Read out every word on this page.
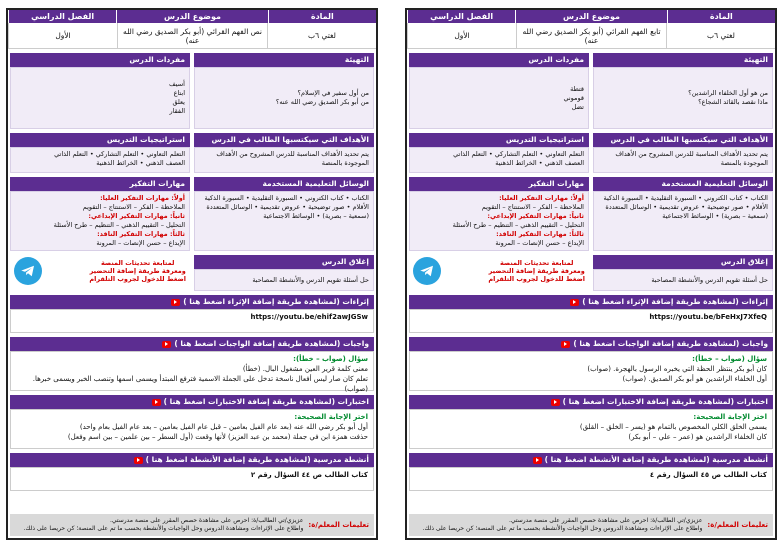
المادة
موضوع الدرس
الفصل الدراسي
لغتي ٦ب
تابع الفهم القرائي (أبو بكر الصديق رضي الله عنه)
الأول
التهيئة
من هو أول الخلفاء الراشدين؟
ماذا نقصد بالقائد الشجاع؟
مفردات الدرس
قتطة
قوموني
تضل
الأهداف التي سيكتسبها الطالب في الدرس
يتم تحديد الأهداف المناسبة للدرس المشروح من الأهداف الموجودة بالمنصة
استراتيجيات التدريس
التعلم التعاوني • التعلم التشاركي • التعلم الذاتي
العصف الذهني • الخرائط الذهنية
الوسائل التعليمية المستخدمة
الكتاب • كتاب الكتروني • السبورة التقليدية • السبورة الذكية
الأقلام • صور توضيحية • عروض تقديمية • الوسائل المتعددة
(سمعية – بصرية) • الوسائط الاجتماعية
إغلاق الدرس
حل أسئلة تقويم الدرس والأنشطة المصاحبة
مهارات التفكير
أولاً: مهارات التفكير العليا:
الملاحظة – الفكر – الاستنتاج – التقويم
ثانياً: مهارات التفكير الإبداعي:
التحليل – التقييم الذهني – التنظيم – طرح الأسئلة
ثالثاً: مهارات التفكير الناقد:
الإبداع – حسن الإنصات – المرونة
لمتابعة تحديثات المنصة
ومعرفة طريقة إضافة التحضير
اضغط للدخول لجروب التلقرام
إثراءات (لمشاهدة طريقة إضافة الإثراء اضغط هنا )
https://youtu.be/bFeHxJ7XfeQ
واجبات (لمشاهدة طريقة إضافة الواجبات اضغط هنا )
سؤال (صواب – خطأ):
كان أبو بكر ينتظر الحظة التي يخبره الرسول بالهجرة. (صواب)
أول الخلفاء الراشدين هو أبو بكر الصديق. (صواب)
اختبارات (لمشاهدة طريقة إضافة الاختبارات اضغط هنا )
اختر الإجابة الصحيحة:
يسمى الخلق الكلي المخصوص بالتمام هو (يسر – الخلق – القلق)
كان الخلفاء الراشدين هو (عمر – علي – أبو بكر)
أنشطة مدرسية (لمشاهدة طريقة إضافة الأنشطة اضغط هنا )
كتاب الطالب ص ٤٥ السؤال رقم ٤
تعليمات المعلم/ة:
عزيزي/تي الطالب/ة: احرص على مشاهدة حصص المقرر على منصة مدرستي.
واطلاع على الإثراءات ومشاهدة الدروس وحل الواجبات والأنشطة بحسب ما تم على المنصة؛ كن حريصا على ذلك.
المادة
موضوع الدرس
الفصل الدراسي
لغتي ٦ب
نص الفهم القرائي (أبو بكر الصديق رضي الله عنه)
الأول
التهيئة
من أول سفير في الإسلام؟
من أبو بكر الصديق رضي الله عنه؟
مفردات الدرس
أسيف
ابتاع
يعلق
الفقار
الأهداف التي سيكتسبها الطالب في الدرس
يتم تحديد الأهداف المناسبة للدرس المشروح من الأهداف الموجودة بالمنصة
استراتيجيات التدريس
التعلم التعاوني • التعلم التشاركي • التعلم الذاتي
العصف الذهني • الخرائط الذهنية
الوسائل التعليمية المستخدمة
الكتاب • كتاب الكتروني • السبورة التقليدية • السبورة الذكية
الأقلام • صور توضيحية • عروض تقديمية • الوسائل المتعددة
(سمعية – بصرية) • الوسائط الاجتماعية
إغلاق الدرس
حل أسئلة تقويم الدرس والأنشطة المصاحبة
مهارات التفكير
أولاً: مهارات التفكير العليا:
الملاحظة – الفكر – الاستنتاج – التقويم
ثانياً: مهارات التفكير الإبداعي:
التحليل – التقييم الذهني – التنظيم – طرح الأسئلة
ثالثاً: مهارات التفكير الناقد:
الإبداع – حسن الإنصات – المرونة
لمتابعة تحديثات المنصة
ومعرفة طريقة إضافة التحضير
اضغط للدخول لجروب التلقرام
إثراءات (لمشاهدة طريقة إضافة الإثراء اضغط هنا )
https://youtu.be/ehif2awJGSw
واجبات (لمشاهدة طريقة إضافة الواجبات اضغط هنا )
سؤال (صواب – خطأ):
معنى كلمة قرير العين مشغول البال. (خطأ)
تعلم كان صار ليس أفعال ناسخة تدخل على الجملة الاسمية فترفع المبتدأ ويسمى اسمها وتنصب الخبر ويسمى خبرها. (صواب)
اختبارات (لمشاهدة طريقة إضافة الاختبارات اضغط هنا )
اختر الإجابة الصحيحة:
أول أبو بكر رضي الله عنه (بعد عام الفيل بعامين – قبل عام الفيل بعامين – بعد عام الفيل بعام واحد)
حذفت همزة ابن في جملة (محمد بن عبد العزيز) لأنها وقعت (أول السطر – بين علمين – بين اسم وفعل)
أنشطة مدرسية (لمشاهدة طريقة إضافة الأنشطة اضغط هنا )
كتاب الطالب ص ٤٤ السؤال رقم ٢
تعليمات المعلم/ة:
عزيزي/تي الطالب/ة: احرص على مشاهدة حصص المقرر على منصة مدرستي.
واطلاع على الإثراءات ومشاهدة الدروس وحل الواجبات والأنشطة بحسب ما تم على المنصة؛ كن حريصا على ذلك.
